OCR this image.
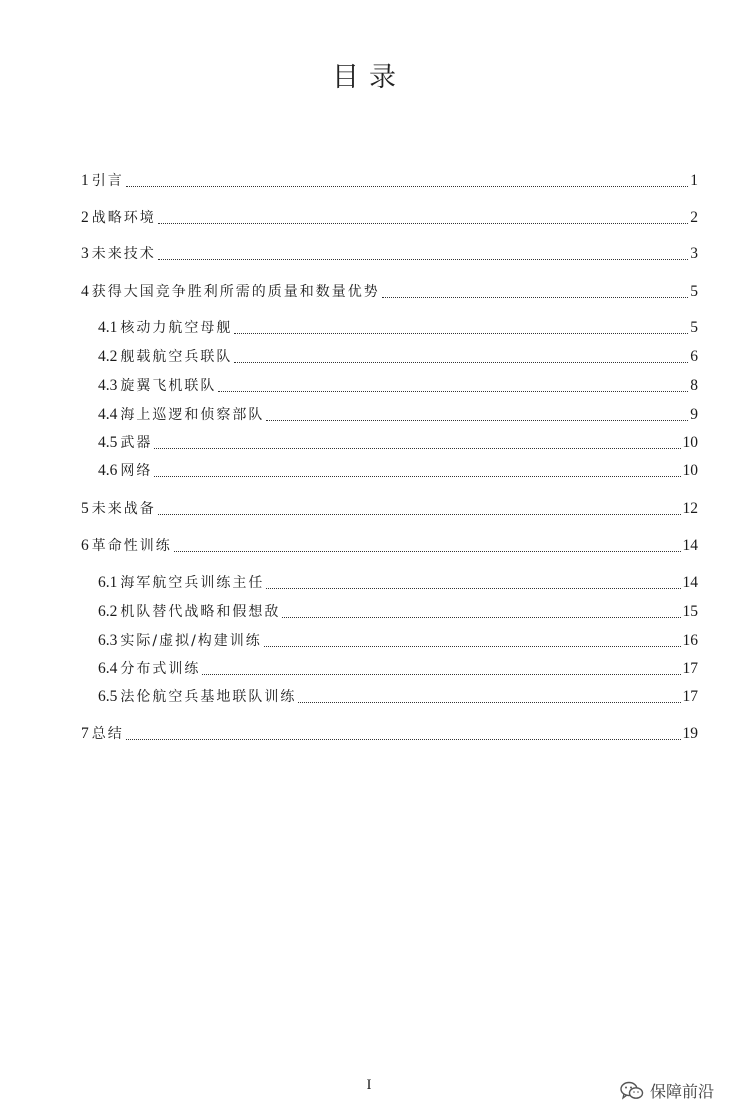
目录
1 引言	1
2 战略环境	2
3 未来技术	3
4 获得大国竞争胜利所需的质量和数量优势	5
4.1 核动力航空母舰	5
4.2 舰载航空兵联队	6
4.3 旋翼飞机联队	8
4.4 海上巡逻和侦察部队	9
4.5 武器	10
4.6 网络	10
5 未来战备	12
6 革命性训练	14
6.1 海军航空兵训练主任	14
6.2 机队替代战略和假想敌	15
6.3 实际/虚拟/构建训练	16
6.4 分布式训练	17
6.5 法伦航空兵基地联队训练	17
7 总结	19
I	保障前沿
